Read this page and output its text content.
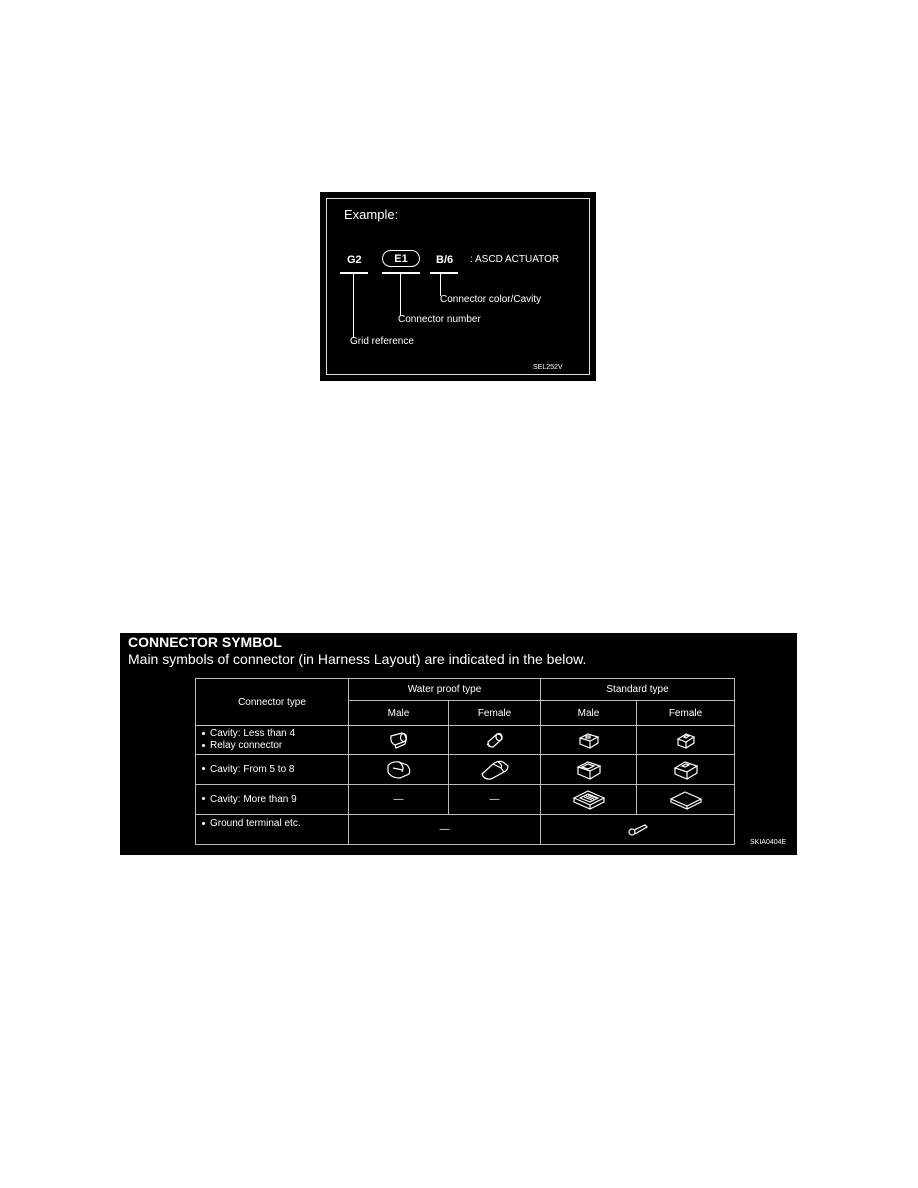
Example:
G2	E1	B/6 : ASCD ACTUATOR
Connector color/Cavity
Connector number
Grid reference
SEL252V
CONNECTOR SYMBOL
Main symbols of connector (in Harness Layout) are indicated in the below.
Connector type	Water proof type		Standard type	
	Male	Female	Male	Female

Cavity: Less than 4
Relay connector

Cavity: From 5 to 8

Cavity: More than 9	—	—	

Ground terminal etc.	—	
SKIA0404E
